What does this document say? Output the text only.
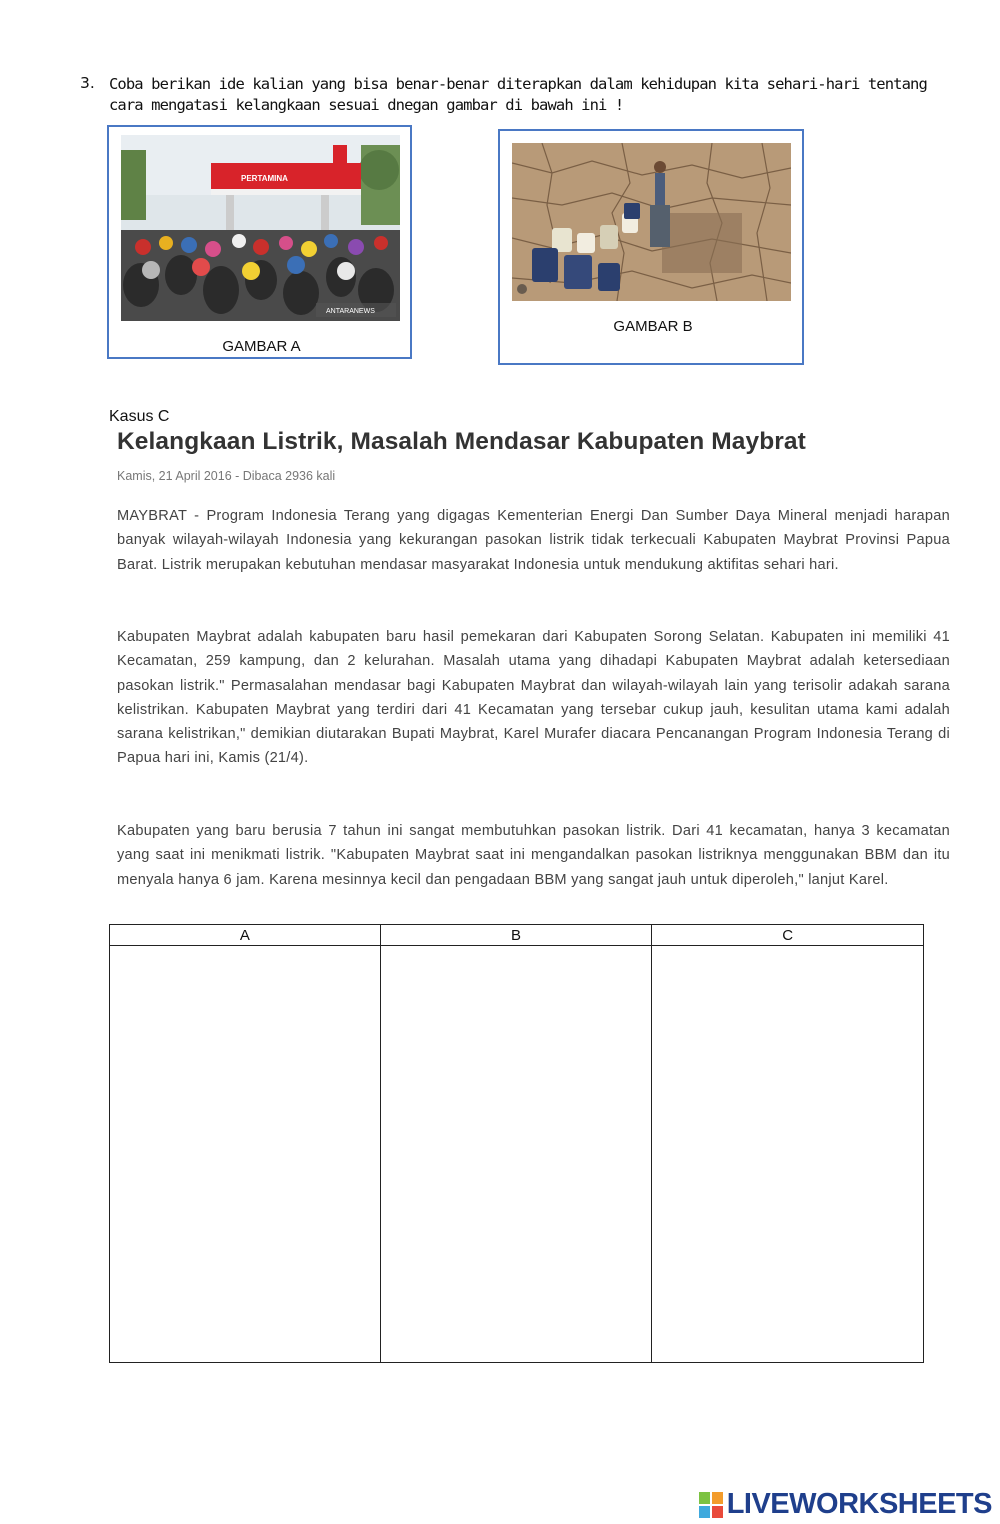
3. Coba berikan ide kalian yang bisa benar-benar diterapkan dalam kehidupan kita sehari-hari tentang cara mengatasi kelangkaan sesuai dnegan gambar di bawah ini !
PERTAMINA
ANTARANEWS
GAMBAR A
GAMBAR B
Kasus C
Kelangkaan Listrik, Masalah Mendasar Kabupaten Maybrat
Kamis, 21 April 2016 - Dibaca 2936 kali
MAYBRAT - Program Indonesia Terang yang digagas Kementerian Energi Dan Sumber Daya Mineral menjadi harapan banyak wilayah-wilayah Indonesia yang kekurangan pasokan listrik tidak terkecuali Kabupaten Maybrat Provinsi Papua Barat. Listrik merupakan kebutuhan mendasar masyarakat Indonesia untuk mendukung aktifitas sehari hari.
Kabupaten Maybrat adalah kabupaten baru hasil pemekaran dari Kabupaten Sorong Selatan. Kabupaten ini memiliki 41 Kecamatan, 259 kampung, dan 2 kelurahan. Masalah utama yang dihadapi Kabupaten Maybrat adalah ketersediaan pasokan listrik." Permasalahan mendasar bagi Kabupaten Maybrat dan wilayah-wilayah lain yang terisolir adakah sarana kelistrikan. Kabupaten Maybrat yang terdiri dari 41 Kecamatan yang tersebar cukup jauh, kesulitan utama kami adalah sarana kelistrikan," demikian diutarakan Bupati Maybrat, Karel Murafer diacara Pencanangan Program Indonesia Terang di Papua hari ini, Kamis (21/4).
Kabupaten yang baru berusia 7 tahun ini sangat membutuhkan pasokan listrik. Dari 41 kecamatan, hanya 3 kecamatan yang saat ini menikmati listrik. "Kabupaten Maybrat saat ini mengandalkan pasokan listriknya menggunakan BBM dan itu menyala hanya 6 jam. Karena mesinnya kecil dan pengadaan BBM yang sangat jauh untuk diperoleh," lanjut Karel.
A	B	C

LIVEWORKSHEETS
